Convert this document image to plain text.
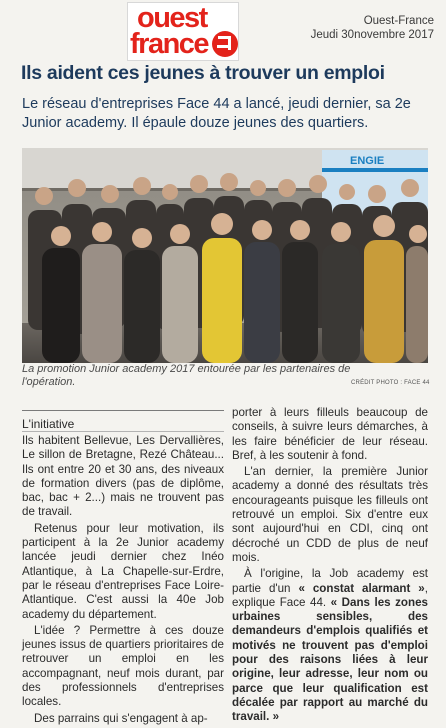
ouest
france
Ouest-France
Jeudi 30novembre 2017
Ils aident ces jeunes à trouver un emploi
Le réseau d'entreprises Face 44 a lancé, jeudi dernier, sa 2e Junior academy. Il épaule douze jeunes des quartiers.
ENGIE
La promotion Junior academy 2017 entourée par les partenaires de l'opération.	CRÉDIT PHOTO : FACE 44
L'initiative

Ils habitent Bellevue, Les Dervallières, Le sillon de Bretagne, Rezé Château... Ils ont entre 20 et 30 ans, des niveaux de formation divers (pas de diplôme, bac, bac + 2...) mais ne trouvent pas de travail.

Retenus pour leur motivation, ils participent à la 2e Junior academy lancée jeudi dernier chez Inéo Atlantique, à La Chapelle-sur-Erdre, par le réseau d'entreprises Face Loire-Atlantique. C'est aussi la 40e Job academy du département.

L'idée ? Permettre à ces douze jeunes issus de quartiers prioritaires de retrouver un emploi en les accompagnant, neuf mois durant, par des professionnels d'entreprises locales.

Des parrains qui s'engagent à ap-

porter à leurs filleuls beaucoup de conseils, à suivre leurs démarches, à les faire bénéficier de leur réseau. Bref, à les soutenir à fond.

L'an dernier, la première Junior academy a donné des résultats très encourageants puisque les filleuls ont retrouvé un emploi. Six d'entre eux sont aujourd'hui en CDI, cinq ont décroché un CDD de plus de neuf mois.

À l'origine, la Job academy est partie d'un « constat alarmant », explique Face 44. « Dans les zones urbaines sensibles, des demandeurs d'emplois qualifiés et motivés ne trouvent pas d'emploi pour des raisons liées à leur origine, leur adresse, leur nom ou parce que leur qualification est décalée par rapport au marché du travail. »
